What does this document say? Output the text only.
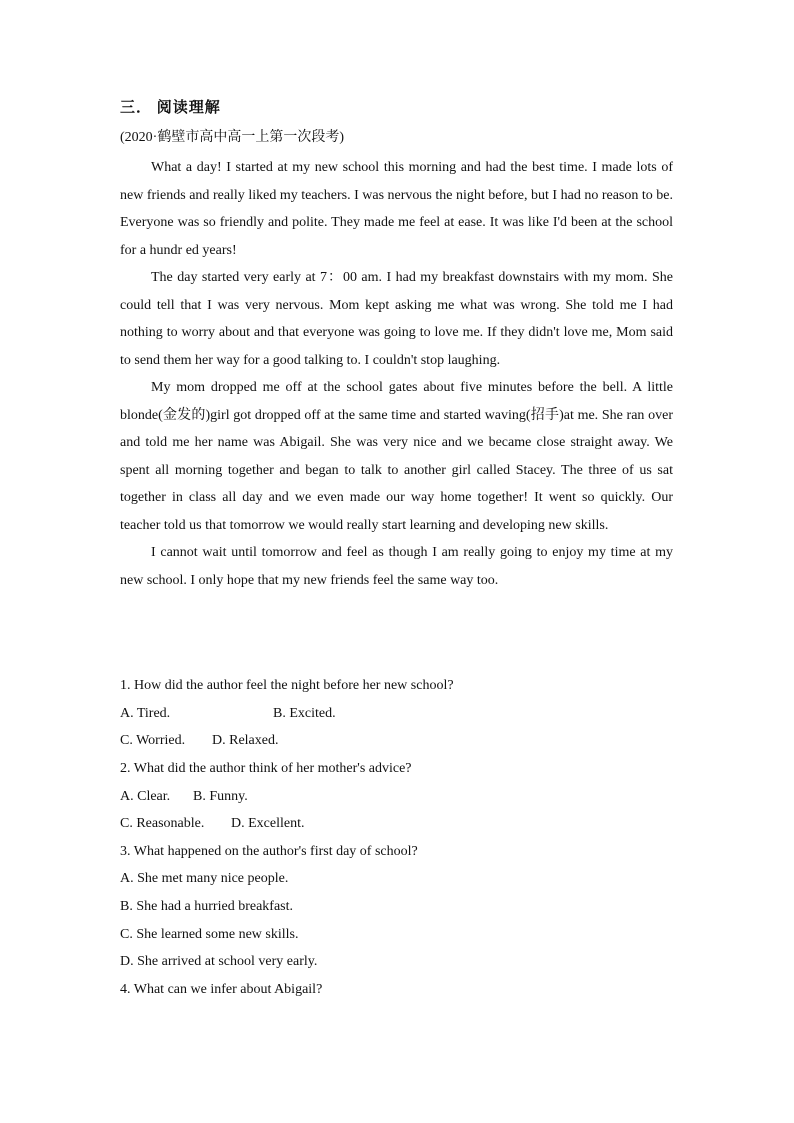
三． 阅读理解
(2020·鹤壁市高中高一上第一次段考)

What a day! I started at my new school this morning and had the best time. I made lots of new friends and really liked my teachers. I was nervous the night before, but I had no reason to be. Everyone was so friendly and polite. They made me feel at ease. It was like I'd been at the school for a hundr ed years!

The day started very early at 7：00 am. I had my breakfast downstairs with my mom. She could tell that I was very nervous. Mom kept asking me what was wrong. She told me I had nothing to worry about and that everyone was going to love me. If they didn't love me, Mom said to send them her way for a good talking to. I couldn't stop laughing.

My mom dropped me off at the school gates about five minutes before the bell. A little blonde(金发的)girl got dropped off at the same time and started waving(招手)at me. She ran over and told me her name was Abigail. She was very nice and we became close straight away. We spent all morning together and began to talk to another girl called Stacey. The three of us sat together in class all day and we even made our way home together! It went so quickly. Our teacher told us that tomorrow we would really start learning and developing new skills.

I cannot wait until tomorrow and feel as though I am really going to enjoy my time at my new school. I only hope that my new friends feel the same way too.

1. How did the author feel the night before her new school?
A. Tired.	B. Excited.
C. Worried. D. Relaxed.
2. What did the author think of her mother's advice?
A. Clear. B. Funny.
C. Reasonable. D. Excellent.
3. What happened on the author's first day of school?
A. She met many nice people.
B. She had a hurried breakfast.
C. She learned some new skills.
D. She arrived at school very early.
4. What can we infer about Abigail?
